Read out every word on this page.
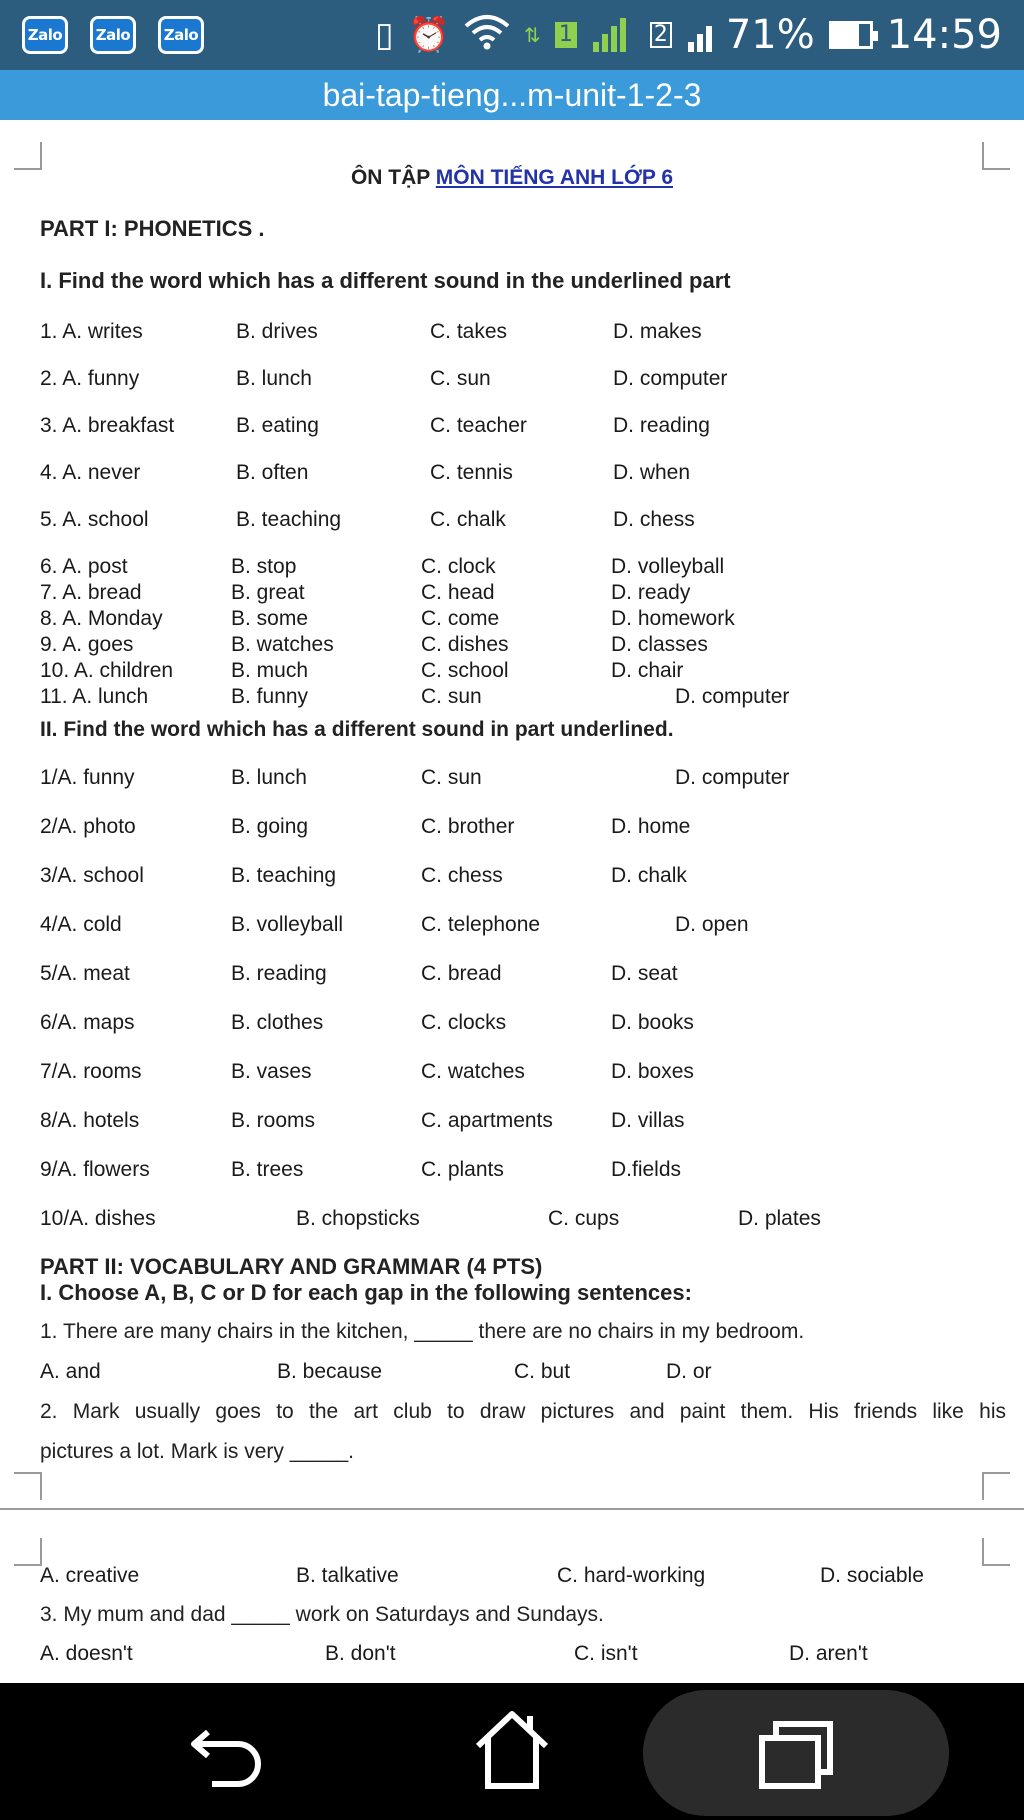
Zalo	Zalo	Zalo	▯ ⏰	⇅ 1	2 71% 14:59
bai-tap-tieng...m-unit-1-2-3
ÔN TẬP MÔN TIẾNG ANH LỚP 6
PART I: PHONETICS .
I. Find the word which has a different sound in the underlined part
1. A. writes	B. drives	C. takes	D. makes
2. A. funny	B. lunch	C. sun	D. computer
3. A. breakfast	B. eating	C. teacher	D. reading
4. A. never	B. often	C. tennis	D. when
5. A. school	B. teaching	C. chalk	D. chess
6. A. post	B. stop	C. clock	D. volleyball
7. A. bread	B. great	C. head	D. ready
8. A. Monday	B. some	C. come	D. homework
9. A. goes	B. watches	C. dishes	D. classes
10. A. children	B. much	C. school	D. chair
11. A. lunch	B. funny	C. sun	D. computer
II. Find the word which has a different sound in part underlined.
1/A. funny	B. lunch	C. sun	D. computer
2/A. photo	B. going	C. brother	D. home
3/A. school	B. teaching	C. chess	D. chalk
4/A. cold	B. volleyball	C. telephone	D. open
5/A. meat	B. reading	C. bread	D. seat
6/A. maps	B. clothes	C. clocks	D. books
7/A. rooms	B. vases	C. watches	D. boxes
8/A. hotels	B. rooms	C. apartments	D. villas
9/A. flowers	B. trees	C. plants	D.fields
10/A. dishes	B. chopsticks	C. cups	D. plates
PART II: VOCABULARY AND GRAMMAR (4 PTS)
I. Choose A, B, C or D for each gap in the following sentences:
1. There are many chairs in the kitchen, _____ there are no chairs in my bedroom.
A. and	B. because	C. but	D. or
2. Mark usually goes to the art club to draw pictures and paint them. His friends like his
pictures a lot. Mark is very _____.
A. creative	B. talkative	C. hard-working	D. sociable
3. My mum and dad _____ work on Saturdays and Sundays.
A. doesn't	B. don't	C. isn't	D. aren't
